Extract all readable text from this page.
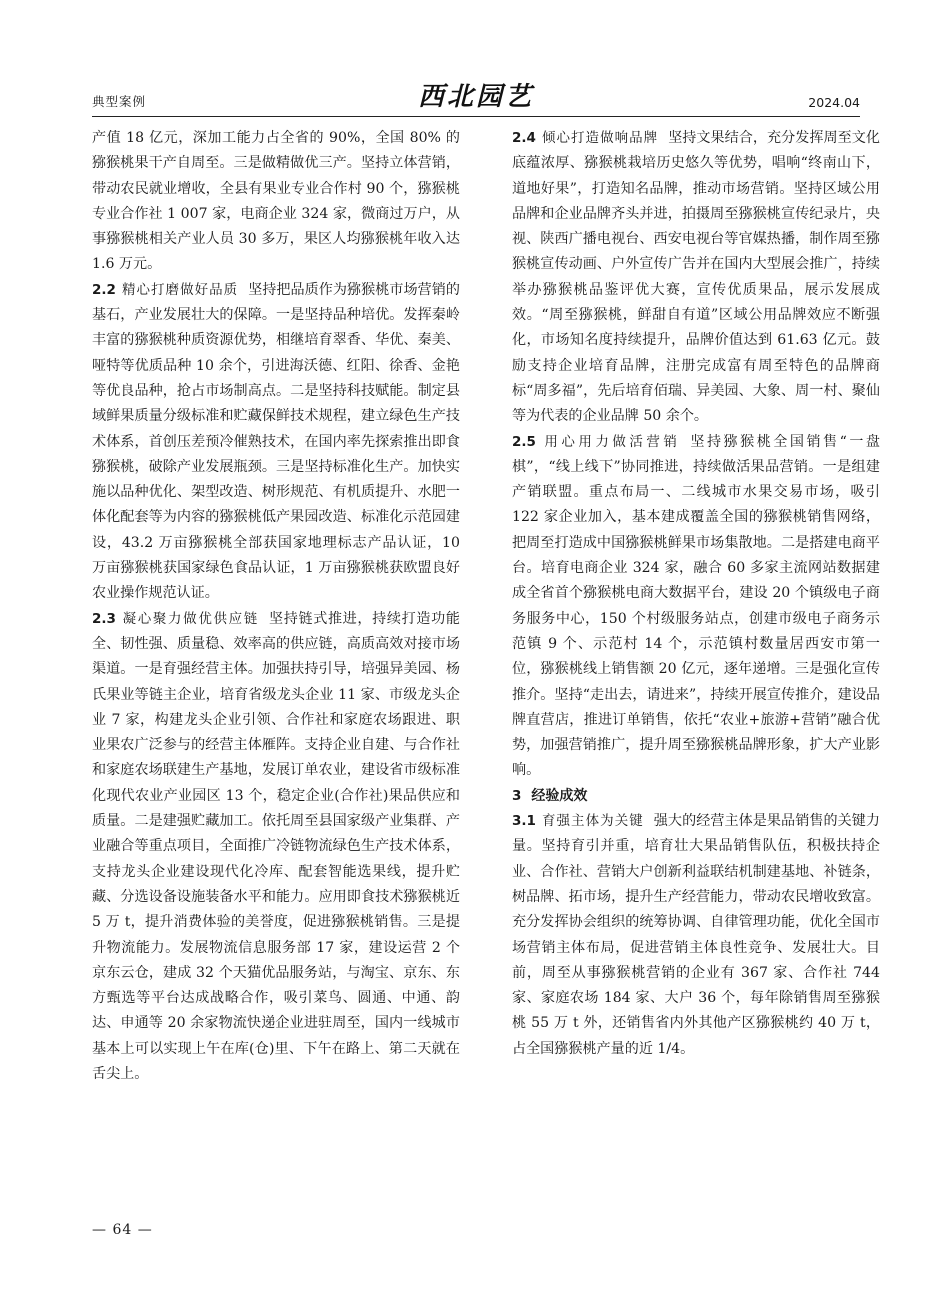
典型案例	西北园艺	2024.04

产值 18 亿元，深加工能力占全省的 90%，全国 80% 的猕猴桃果干产自周至。三是做精做优三产。坚持立体营销，带动农民就业增收，全县有果业专业合作村 90 个，猕猴桃专业合作社 1 007 家，电商企业 324 家，微商过万户，从事猕猴桃相关产业人员 30 多万，果区人均猕猴桃年收入达 1.6 万元。

2.2 精心打磨做好品质 坚持把品质作为猕猴桃市场营销的基石，产业发展壮大的保障。一是坚持品种培优。发挥秦岭丰富的猕猴桃种质资源优势，相继培育翠香、华优、秦美、哑特等优质品种 10 余个，引进海沃德、红阳、徐香、金艳等优良品种，抢占市场制高点。二是坚持科技赋能。制定县域鲜果质量分级标准和贮藏保鲜技术规程，建立绿色生产技术体系，首创压差预冷催熟技术，在国内率先探索推出即食猕猴桃，破除产业发展瓶颈。三是坚持标准化生产。加快实施以品种优化、架型改造、树形规范、有机质提升、水肥一体化配套等为内容的猕猴桃低产果园改造、标准化示范园建设，43.2 万亩猕猴桃全部获国家地理标志产品认证，10 万亩猕猴桃获国家绿色食品认证，1 万亩猕猴桃获欧盟良好农业操作规范认证。

2.3 凝心聚力做优供应链 坚持链式推进，持续打造功能全、韧性强、质量稳、效率高的供应链，高质高效对接市场渠道。一是育强经营主体。加强扶持引导，培强异美园、杨氏果业等链主企业，培育省级龙头企业 11 家、市级龙头企业 7 家，构建龙头企业引领、合作社和家庭农场跟进、职业果农广泛参与的经营主体雁阵。支持企业自建、与合作社和家庭农场联建生产基地，发展订单农业，建设省市级标准化现代农业产业园区 13 个，稳定企业(合作社)果品供应和质量。二是建强贮藏加工。依托周至县国家级产业集群、产业融合等重点项目，全面推广冷链物流绿色生产技术体系，支持龙头企业建设现代化冷库、配套智能选果线，提升贮藏、分选设备设施装备水平和能力。应用即食技术猕猴桃近 5 万 t，提升消费体验的美誉度，促进猕猴桃销售。三是提升物流能力。发展物流信息服务部 17 家，建设运营 2 个京东云仓，建成 32 个天猫优品服务站，与淘宝、京东、东方甄选等平台达成战略合作，吸引菜鸟、圆通、中通、韵达、申通等 20 余家物流快递企业进驻周至，国内一线城市基本上可以实现上午在库(仓)里、下午在路上、第二天就在舌尖上。

2.4 倾心打造做响品牌 坚持文果结合，充分发挥周至文化底蕴浓厚、猕猴桃栽培历史悠久等优势，唱响“终南山下，道地好果”，打造知名品牌，推动市场营销。坚持区域公用品牌和企业品牌齐头并进，拍摄周至猕猴桃宣传纪录片，央视、陕西广播电视台、西安电视台等官媒热播，制作周至猕猴桃宣传动画、户外宣传广告并在国内大型展会推广，持续举办猕猴桃品鉴评优大赛，宣传优质果品，展示发展成效。“周至猕猴桃，鲜甜自有道”区域公用品牌效应不断强化，市场知名度持续提升，品牌价值达到 61.63 亿元。鼓励支持企业培育品牌，注册完成富有周至特色的品牌商标“周多福”，先后培育佰瑞、异美园、大象、周一村、聚仙等为代表的企业品牌 50 余个。

2.5 用心用力做活营销 坚持猕猴桃全国销售“一盘棋”，“线上线下”协同推进，持续做活果品营销。一是组建产销联盟。重点布局一、二线城市水果交易市场，吸引 122 家企业加入，基本建成覆盖全国的猕猴桃销售网络，把周至打造成中国猕猴桃鲜果市场集散地。二是搭建电商平台。培育电商企业 324 家，融合 60 多家主流网站数据建成全省首个猕猴桃电商大数据平台，建设 20 个镇级电子商务服务中心，150 个村级服务站点，创建市级电子商务示范镇 9 个、示范村 14 个，示范镇村数量居西安市第一位，猕猴桃线上销售额 20 亿元，逐年递增。三是强化宣传推介。坚持“走出去，请进来”，持续开展宣传推介，建设品牌直营店，推进订单销售，依托“农业+旅游+营销”融合优势，加强营销推广，提升周至猕猴桃品牌形象，扩大产业影响。

3 经验成效

3.1 育强主体为关键 强大的经营主体是果品销售的关键力量。坚持育引并重，培育壮大果品销售队伍，积极扶持企业、合作社、营销大户创新利益联结机制建基地、补链条，树品牌、拓市场，提升生产经营能力，带动农民增收致富。充分发挥协会组织的统筹协调、自律管理功能，优化全国市场营销主体布局，促进营销主体良性竞争、发展壮大。目前，周至从事猕猴桃营销的企业有 367 家、合作社 744 家、家庭农场 184 家、大户 36 个，每年除销售周至猕猴桃 55 万 t 外，还销售省内外其他产区猕猴桃约 40 万 t，占全国猕猴桃产量的近 1/4。

— 64 —
